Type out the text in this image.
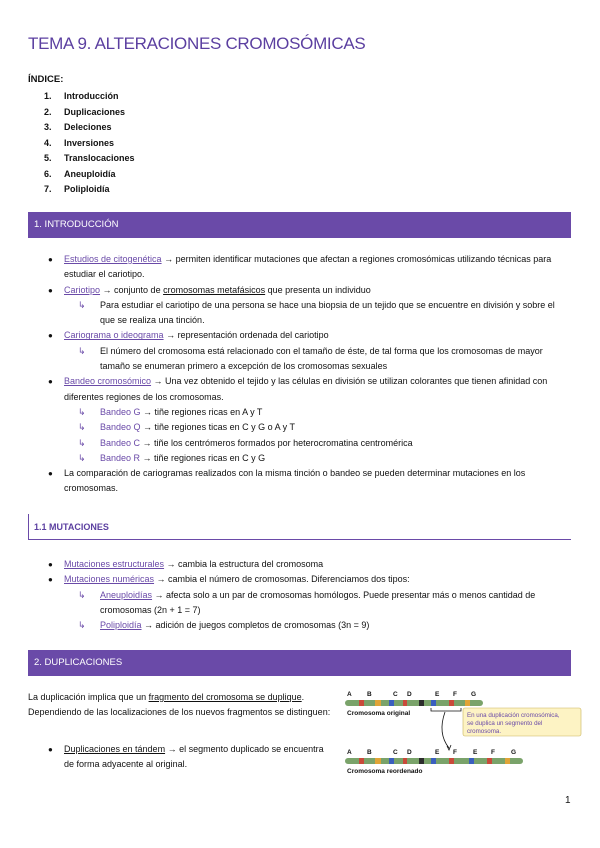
TEMA 9. ALTERACIONES CROMOSÓMICAS
ÍNDICE:
1.	Introducción
2.	Duplicaciones
3.	Deleciones
4.	Inversiones
5.	Translocaciones
6.	Aneuploidía
7.	Poliploidía
1. INTRODUCCIÓN
● Estudios de citogenética → permiten identificar mutaciones que afectan a regiones cromosómicas utilizando técnicas para estudiar el cariotipo.
● Cariotipo → conjunto de cromosomas metafásicos que presenta un individuo
↳ Para estudiar el cariotipo de una persona se hace una biopsia de un tejido que se encuentre en división y sobre el que se realiza una tinción.
● Cariograma o ideograma → representación ordenada del cariotipo
↳ El número del cromosoma está relacionado con el tamaño de éste, de tal forma que los cromosomas de mayor tamaño se enumeran primero a excepción de los cromosomas sexuales
● Bandeo cromosómico → Una vez obtenido el tejido y las células en división se utilizan colorantes que tienen afinidad con diferentes regiones de los cromosomas.
↳ Bandeo G → tiñe regiones ricas en A y T
↳ Bandeo Q → tiñe regiones ticas en C y G o A y T
↳ Bandeo C → tiñe los centrómeros formados por heterocromatina centromérica
↳ Bandeo R → tiñe regiones ricas en C y G
● La comparación de cariogramas realizados con la misma tinción o bandeo se pueden determinar mutaciones en los cromosomas.
1.1 MUTACIONES
● Mutaciones estructurales → cambia la estructura del cromosoma
● Mutaciones numéricas → cambia el número de cromosomas. Diferenciamos dos tipos:
↳ Aneuploidías → afecta solo a un par de cromosomas homólogos. Puede presentar más o menos cantidad de cromosomas (2n + 1 = 7)
↳ Poliploidía → adición de juegos completos de cromosomas (3n = 9)
2. DUPLICACIONES
La duplicación implica que un fragmento del cromosoma se duplique. Dependiendo de las localizaciones de los nuevos fragmentos se distinguen:
● Duplicaciones en tándem → el segmento duplicado se encuentra de forma adyacente al original.
A B	C D	E F G
Cromosoma original	En una duplicación cromosómica,
se duplica un segmento del
cromosoma.
A B	C D	E F E F G
Cromosoma reordenado
1
